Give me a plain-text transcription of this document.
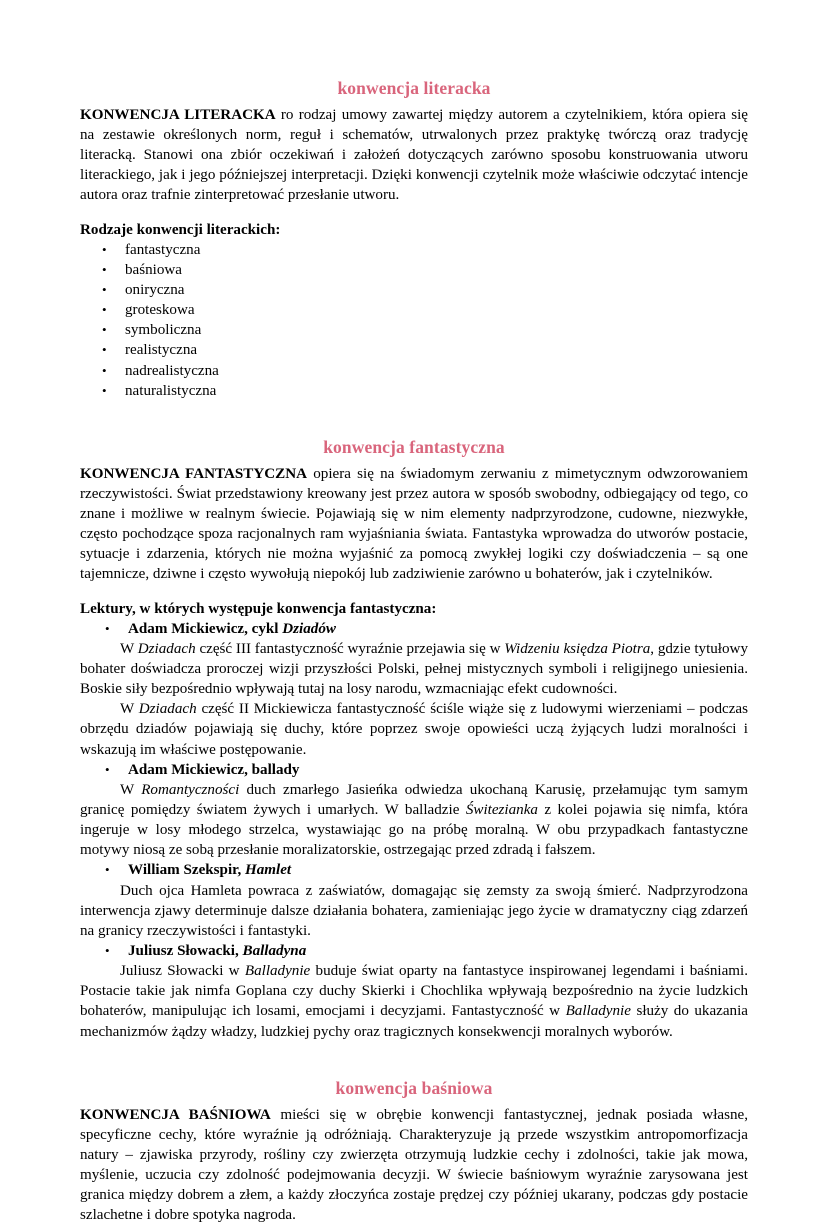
konwencja literacka

KONWENCJA LITERACKA ro rodzaj umowy zawartej między autorem a czytelnikiem, która opiera się na zestawie określonych norm, reguł i schematów, utrwalonych przez praktykę twórczą oraz tradycję literacką. Stanowi ona zbiór oczekiwań i założeń dotyczących zarówno sposobu konstruowania utworu literackiego, jak i jego późniejszej interpretacji. Dzięki konwencji czytelnik może właściwie odczytać intencje autora oraz trafnie zinterpretować przesłanie utworu.

Rodzaje konwencji literackich:
• fantastyczna
• baśniowa
• oniryczna
• groteskowa
• symboliczna
• realistyczna
• nadrealistyczna
• naturalistyczna
konwencja fantastyczna

KONWENCJA FANTASTYCZNA opiera się na świadomym zerwaniu z mimetycznym odwzorowaniem rzeczywistości. Świat przedstawiony kreowany jest przez autora w sposób swobodny, odbiegający od tego, co znane i możliwe w realnym świecie. Pojawiają się w nim elementy nadprzyrodzone, cudowne, niezwykłe, często pochodzące spoza racjonalnych ram wyjaśniania świata. Fantastyka wprowadza do utworów postacie, sytuacje i zdarzenia, których nie można wyjaśnić za pomocą zwykłej logiki czy doświadczenia – są one tajemnicze, dziwne i często wywołują niepokój lub zadziwienie zarówno u bohaterów, jak i czytelników.

Lektury, w których występuje konwencja fantastyczna:
• Adam Mickiewicz, cykl Dziadów

W Dziadach część III fantastyczność wyraźnie przejawia się w Widzeniu księdza Piotra, gdzie tytułowy bohater doświadcza proroczej wizji przyszłości Polski, pełnej mistycznych symboli i religijnego uniesienia. Boskie siły bezpośrednio wpływają tutaj na losy narodu, wzmacniając efekt cudowności.

W Dziadach część II Mickiewicza fantastyczność ściśle wiąże się z ludowymi wierzeniami – podczas obrzędu dziadów pojawiają się duchy, które poprzez swoje opowieści uczą żyjących ludzi moralności i wskazują im właściwe postępowanie.

• Adam Mickiewicz, ballady

W Romantyczności duch zmarłego Jasieńka odwiedza ukochaną Karusię, przełamując tym samym granicę pomiędzy światem żywych i umarłych. W balladzie Świtezianka z kolei pojawia się nimfa, która ingeruje w losy młodego strzelca, wystawiając go na próbę moralną. W obu przypadkach fantastyczne motywy niosą ze sobą przesłanie moralizatorskie, ostrzegając przed zdradą i fałszem.

• William Szekspir, Hamlet

Duch ojca Hamleta powraca z zaświatów, domagając się zemsty za swoją śmierć. Nadprzyrodzona interwencja zjawy determinuje dalsze działania bohatera, zamieniając jego życie w dramatyczny ciąg zdarzeń na granicy rzeczywistości i fantastyki.

• Juliusz Słowacki, Balladyna

Juliusz Słowacki w Balladynie buduje świat oparty na fantastyce inspirowanej legendami i baśniami. Postacie takie jak nimfa Goplana czy duchy Skierki i Chochlika wpływają bezpośrednio na życie ludzkich bohaterów, manipulując ich losami, emocjami i decyzjami. Fantastyczność w Balladynie służy do ukazania mechanizmów żądzy władzy, ludzkiej pychy oraz tragicznych konsekwencji moralnych wyborów.

konwencja baśniowa

KONWENCJA BAŚNIOWA mieści się w obrębie konwencji fantastycznej, jednak posiada własne, specyficzne cechy, które wyraźnie ją odróżniają. Charakteryzuje ją przede wszystkim antropomorfizacja natury – zjawiska przyrody, rośliny czy zwierzęta otrzymują ludzkie cechy i zdolności, takie jak mowa, myślenie, uczucia czy zdolność podejmowania decyzji. W świecie baśniowym wyraźnie zarysowana jest granica między dobrem a złem, a każdy złoczyńca zostaje prędzej czy później ukarany, podczas gdy postacie szlachetne i dobre spotyka nagroda.
